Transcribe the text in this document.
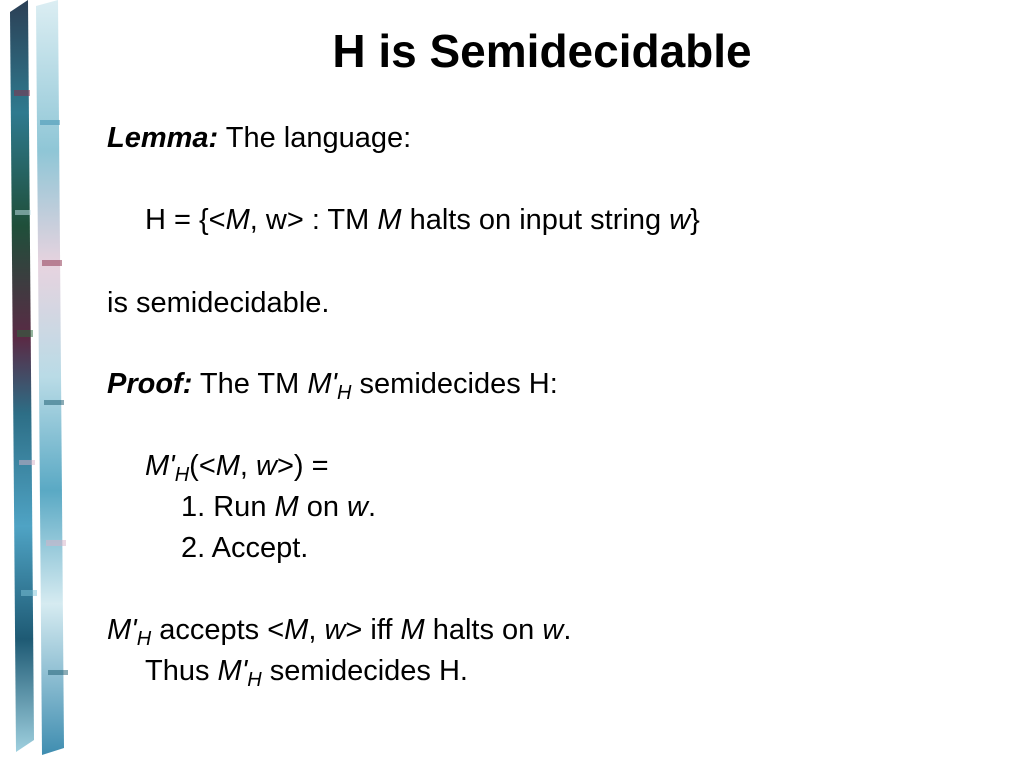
H is Semidecidable
Lemma: The language:
H = {<M, w> : TM M halts on input string w}
is semidecidable.
Proof: The TM $M'_H$ semidecides H:
$M'_H(<M$, w>) =
1. Run M on w.
2. Accept.
$M'_H$ accepts <M, w> iff M halts on w.
Thus $M'_H$ semidecides H.
